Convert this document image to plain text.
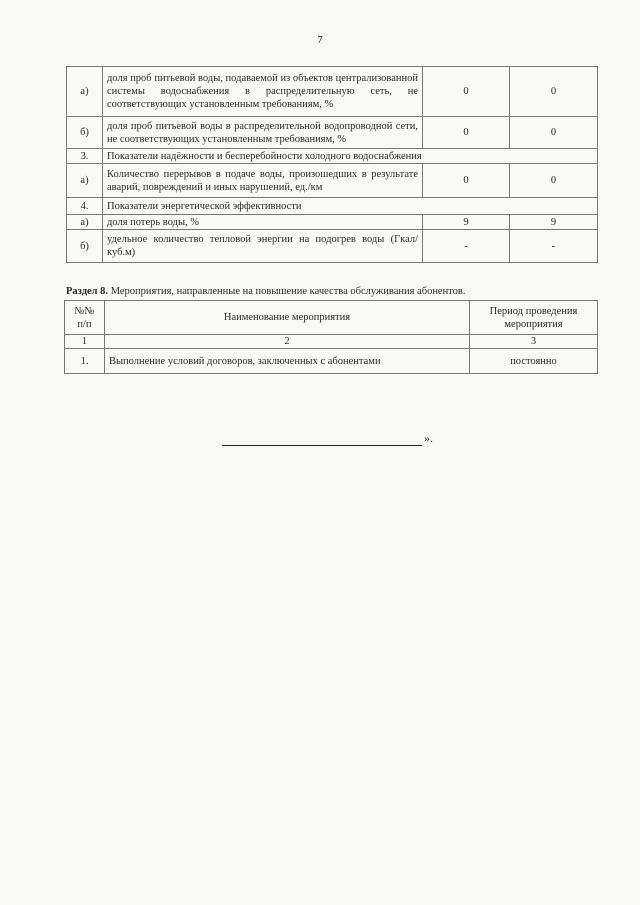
7
а)	доля проб питьевой воды, подаваемой из объектов централизованной системы водоснабжения в распределительную сеть, не соответствующих установленным требованиям, %	0	0
б)	доля проб питьевой воды в распределительной водопроводной сети, не соответствующих установленным требованиям, %	0	0
3.	Показатели надёжности и бесперебойности холодного водоснабжения		
а)	Количество перерывов в подаче воды, произошедших в результате аварий, повреждений и иных нарушений, ед./км	0	0
4.	Показатели энергетической эффективности		
а)	доля потерь воды, %	9	9
б)	удельное количество тепловой энергии на подогрев воды (Гкал/куб.м)	-	-
Раздел 8. Мероприятия, направленные на повышение качества обслуживания абонентов.
№№ п/п	Наименование мероприятия	Период проведения мероприятия
1	2	3
1.	Выполнение условий договоров, заключенных с абонентами	постоянно
».
